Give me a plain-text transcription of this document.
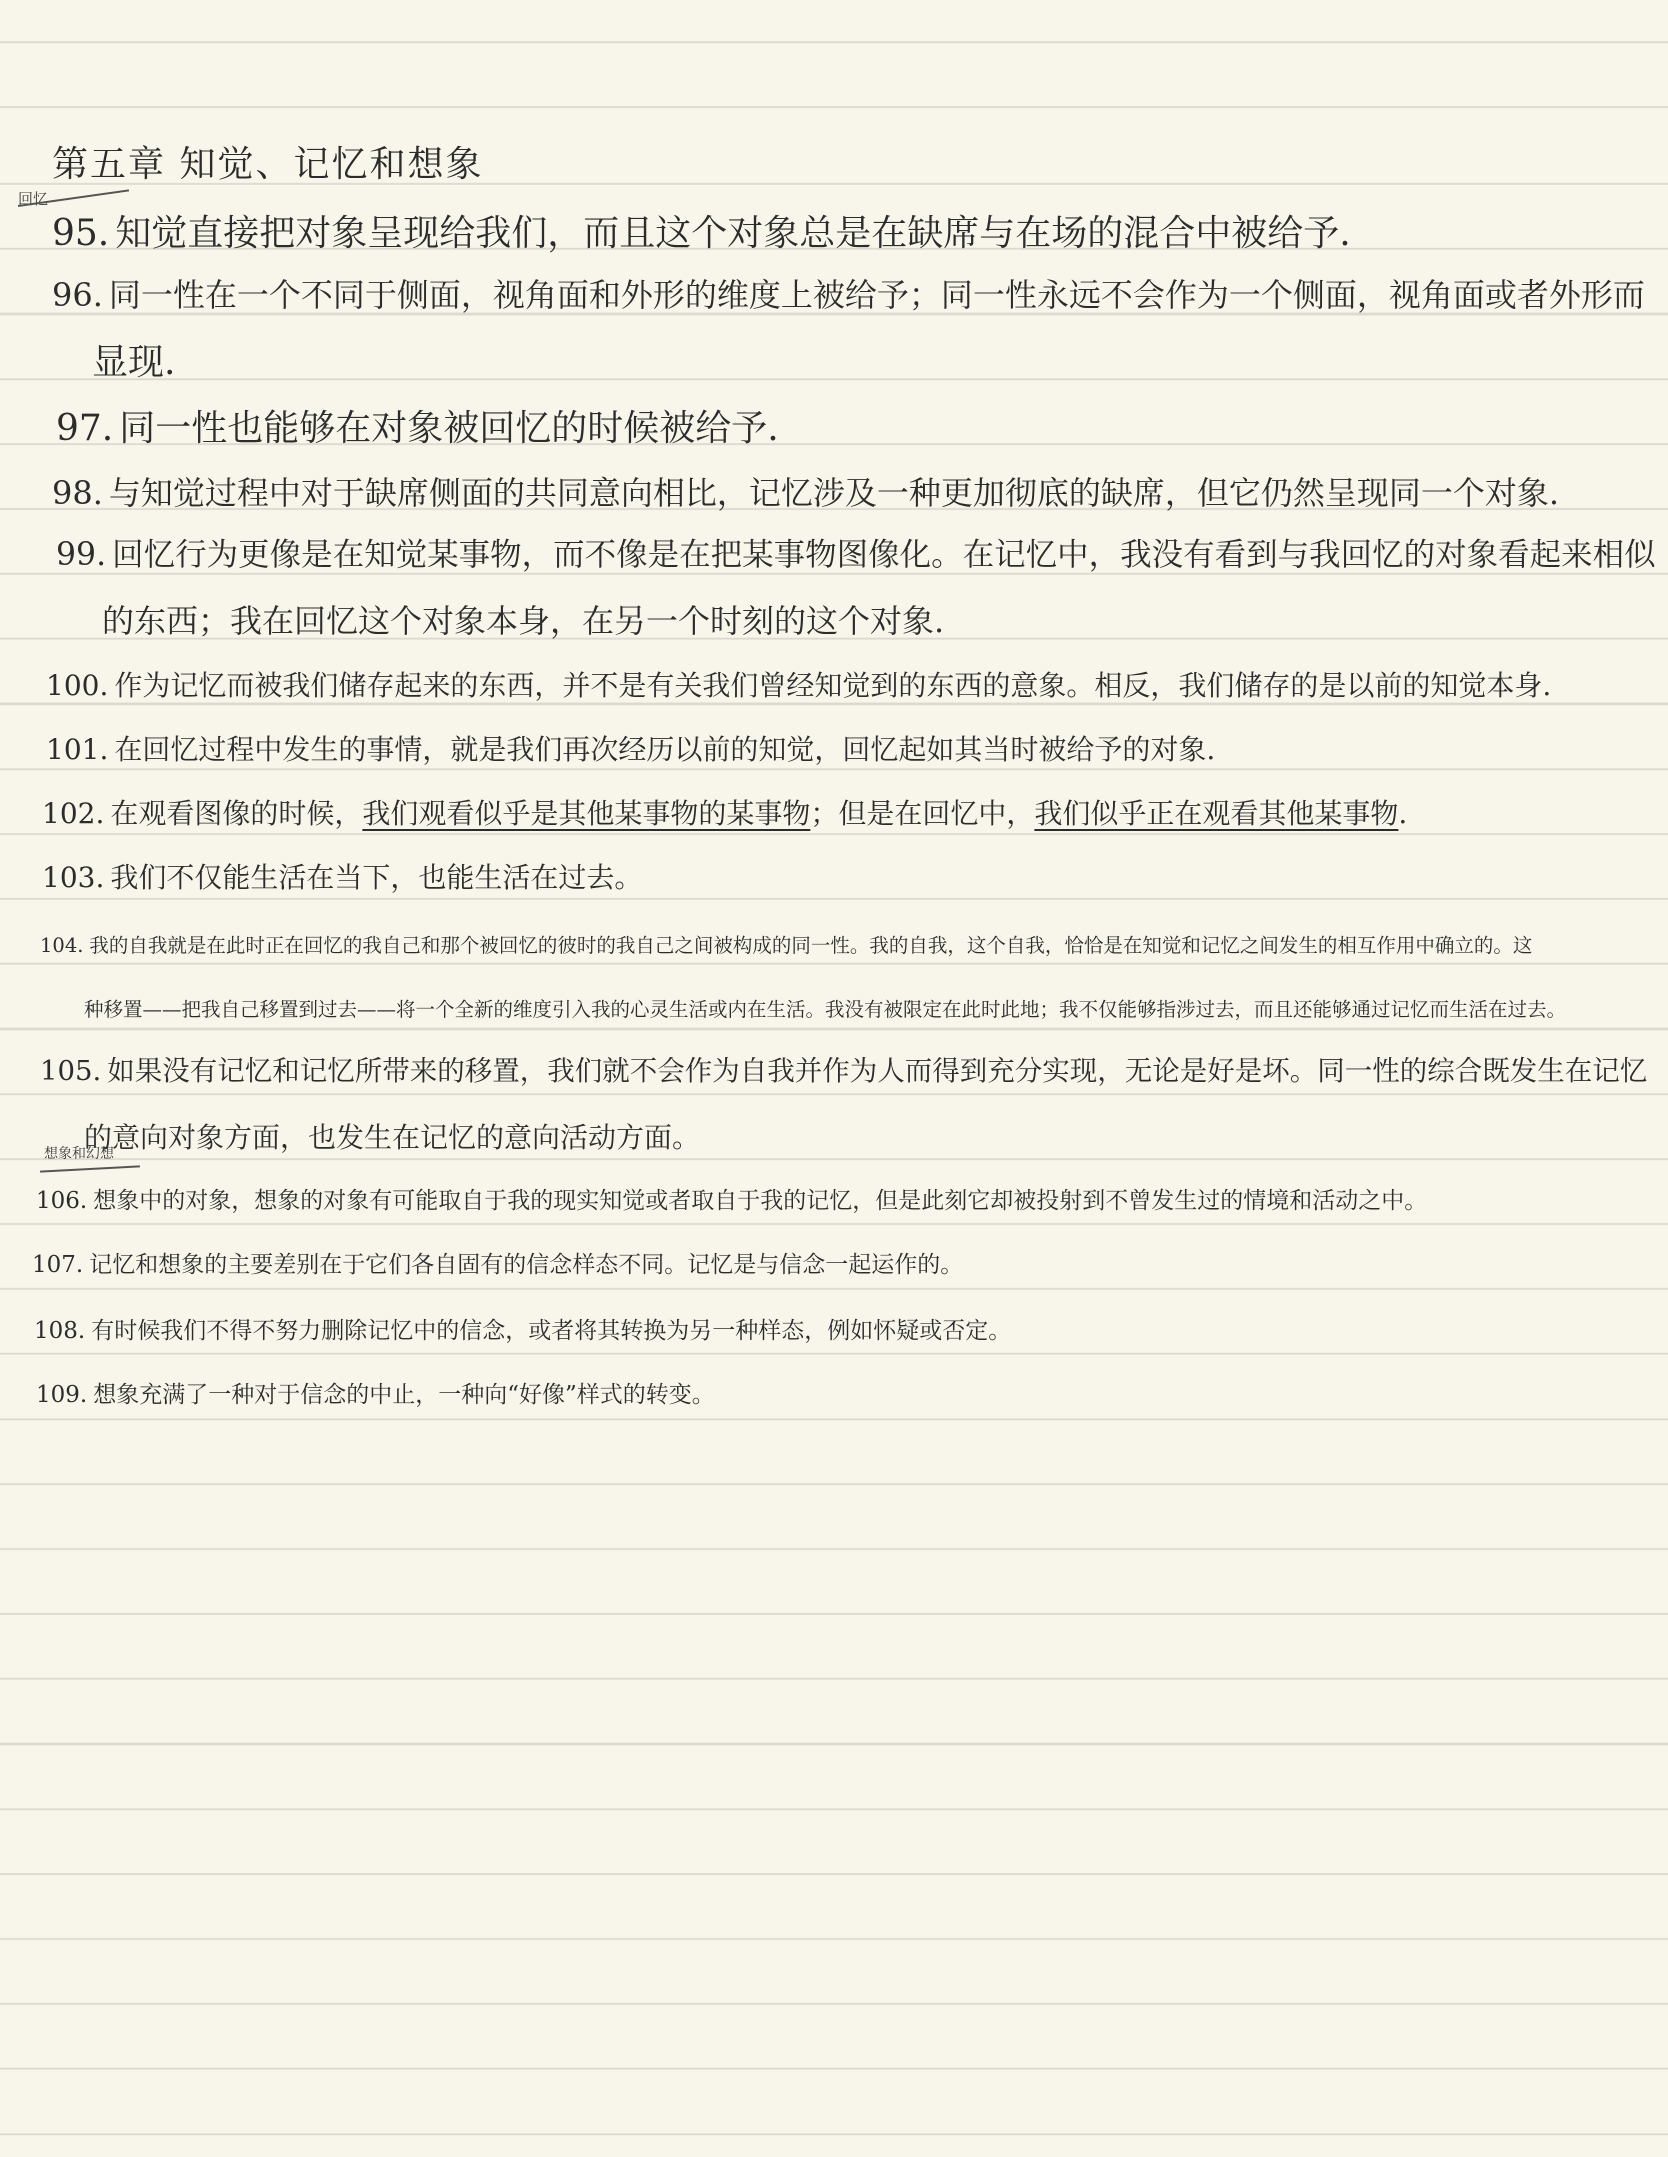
第五章 知觉、记忆和想象
回忆
95. 知觉直接把对象呈现给我们，而且这个对象总是在缺席与在场的混合中被给予.
96. 同一性在一个不同于侧面，视角面和外形的维度上被给予；同一性永远不会作为一个侧面，视角面或者外形而
显现.
97. 同一性也能够在对象被回忆的时候被给予.
98. 与知觉过程中对于缺席侧面的共同意向相比，记忆涉及一种更加彻底的缺席，但它仍然呈现同一个对象.
99. 回忆行为更像是在知觉某事物，而不像是在把某事物图像化。在记忆中，我没有看到与我回忆的对象看起来相似
的东西；我在回忆这个对象本身，在另一个时刻的这个对象.
100. 作为记忆而被我们储存起来的东西，并不是有关我们曾经知觉到的东西的意象。相反，我们储存的是以前的知觉本身.
101. 在回忆过程中发生的事情，就是我们再次经历以前的知觉，回忆起如其当时被给予的对象.
102. 在观看图像的时候，我们观看似乎是其他某事物的某事物；但是在回忆中，我们似乎正在观看其他某事物.
103. 我们不仅能生活在当下，也能生活在过去。
104. 我的自我就是在此时正在回忆的我自己和那个被回忆的彼时的我自己之间被构成的同一性。我的自我，这个自我，恰恰是在知觉和记忆之间发生的相互作用中确立的。这
种移置——把我自己移置到过去——将一个全新的维度引入我的心灵生活或内在生活。我没有被限定在此时此地；我不仅能够指涉过去，而且还能够通过记忆而生活在过去。
105. 如果没有记忆和记忆所带来的移置，我们就不会作为自我并作为人而得到充分实现，无论是好是坏。同一性的综合既发生在记忆
的意向对象方面，也发生在记忆的意向活动方面。
想象和幻想
106. 想象中的对象，想象的对象有可能取自于我的现实知觉或者取自于我的记忆，但是此刻它却被投射到不曾发生过的情境和活动之中。
107. 记忆和想象的主要差别在于它们各自固有的信念样态不同。记忆是与信念一起运作的。
108. 有时候我们不得不努力删除记忆中的信念，或者将其转换为另一种样态，例如怀疑或否定。
109. 想象充满了一种对于信念的中止，一种向“好像”样式的转变。
